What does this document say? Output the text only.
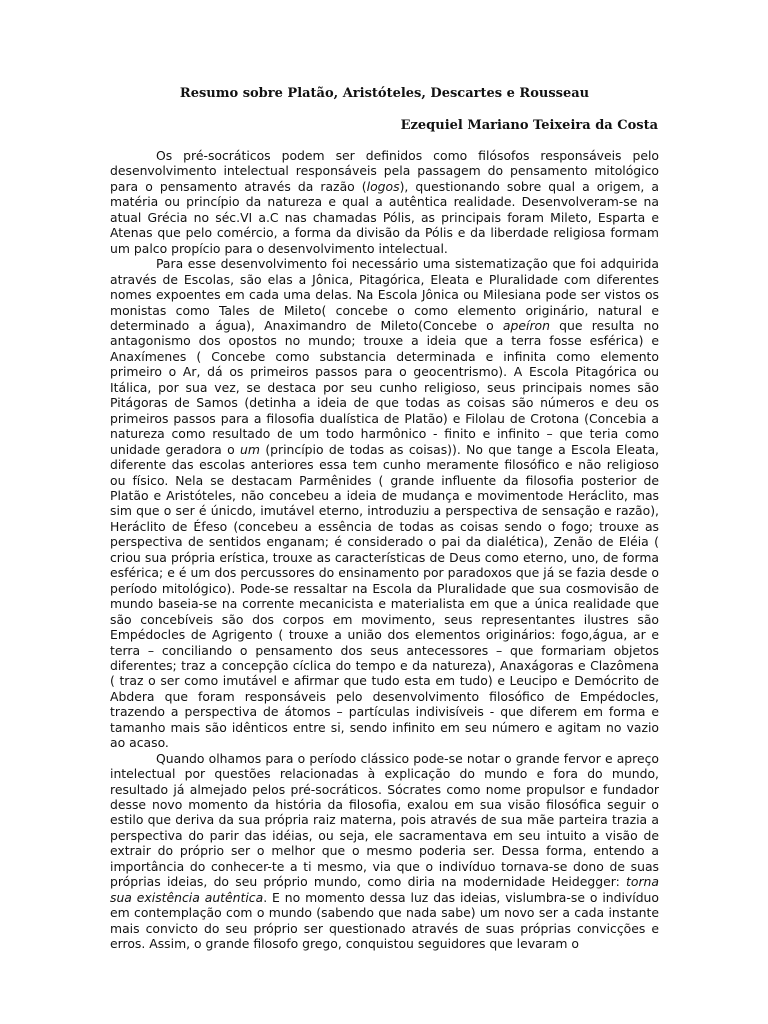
Resumo sobre Platão, Aristóteles, Descartes e Rousseau
Ezequiel Mariano Teixeira da Costa

Os pré-socráticos podem ser definidos como filósofos responsáveis pelo desenvolvimento intelectual responsáveis pela passagem do pensamento mitológico para o pensamento através da razão (logos), questionando sobre qual a origem, a matéria ou princípio da natureza e qual a autêntica realidade. Desenvolveram-se na atual Grécia no séc.VI a.C nas chamadas Pólis, as principais foram Mileto, Esparta e Atenas que pelo comércio, a forma da divisão da Pólis e da liberdade religiosa formam um palco propício para o desenvolvimento intelectual.

Para esse desenvolvimento foi necessário uma sistematização que foi adquirida através de Escolas, são elas a Jônica, Pitagórica, Eleata e Pluralidade com diferentes nomes expoentes em cada uma delas. Na Escola Jônica ou Milesiana pode ser vistos os monistas como Tales de Mileto( concebe o como elemento originário, natural e determinado a água), Anaximandro de Mileto(Concebe o apeíron que resulta no antagonismo dos opostos no mundo; trouxe a ideia que a terra fosse esférica) e Anaxímenes ( Concebe como substancia determinada e infinita como elemento primeiro o Ar, dá os primeiros passos para o geocentrismo). A Escola Pitagórica ou Itálica, por sua vez, se destaca por seu cunho religioso, seus principais nomes são Pitágoras de Samos (detinha a ideia de que todas as coisas são números e deu os primeiros passos para a filosofia dualística de Platão) e Filolau de Crotona (Concebia a natureza como resultado de um todo harmônico - finito e infinito – que teria como unidade geradora o um (princípio de todas as coisas)). No que tange a Escola Eleata, diferente das escolas anteriores essa tem cunho meramente filosófico e não religioso ou físico. Nela se destacam Parmênides ( grande influente da filosofia posterior de Platão e Aristóteles, não concebeu a ideia de mudança e movimentode Heráclito, mas sim que o ser é únicdo, imutável eterno, introduziu a perspectiva de sensação e razão), Heráclito de Éfeso (concebeu a essência de todas as coisas sendo o fogo; trouxe as perspectiva de sentidos enganam; é considerado o pai da dialética), Zenão de Eléia ( criou sua própria erística, trouxe as características de Deus como eterno, uno, de forma esférica; e é um dos percussores do ensinamento por paradoxos que já se fazia desde o período mitológico). Pode-se ressaltar na Escola da Pluralidade que sua cosmovisão de mundo baseia-se na corrente mecanicista e materialista em que a única realidade que são concebíveis são dos corpos em movimento, seus representantes ilustres são Empédocles de Agrigento ( trouxe a união dos elementos originários: fogo,água, ar e terra – conciliando o pensamento dos seus antecessores – que formariam objetos diferentes; traz a concepção cíclica do tempo e da natureza), Anaxágoras e Clazômena ( traz o ser como imutável e afirmar que tudo esta em tudo) e Leucipo e Demócrito de Abdera que foram responsáveis pelo desenvolvimento filosófico de Empédocles, trazendo a perspectiva de átomos – partículas indivisíveis - que diferem em forma e tamanho mais são idênticos entre si, sendo infinito em seu número e agitam no vazio ao acaso.

Quando olhamos para o período clássico pode-se notar o grande fervor e apreço intelectual por questões relacionadas à explicação do mundo e fora do mundo, resultado já almejado pelos pré-socráticos. Sócrates como nome propulsor e fundador desse novo momento da história da filosofia, exalou em sua visão filosófica seguir o estilo que deriva da sua própria raiz materna, pois através de sua mãe parteira trazia a perspectiva do parir das idéias, ou seja, ele sacramentava em seu intuito a visão de extrair do próprio ser o melhor que o mesmo poderia ser. Dessa forma, entendo a importância do conhecer-te a ti mesmo, via que o indivíduo tornava-se dono de suas próprias ideias, do seu próprio mundo, como diria na modernidade Heidegger: torna sua existência autêntica. E no momento dessa luz das ideias, vislumbra-se o indivíduo em contemplação com o mundo (sabendo que nada sabe) um novo ser a cada instante mais convicto do seu próprio ser questionado através de suas próprias convicções e erros. Assim, o grande filosofo grego, conquistou seguidores que levaram o
